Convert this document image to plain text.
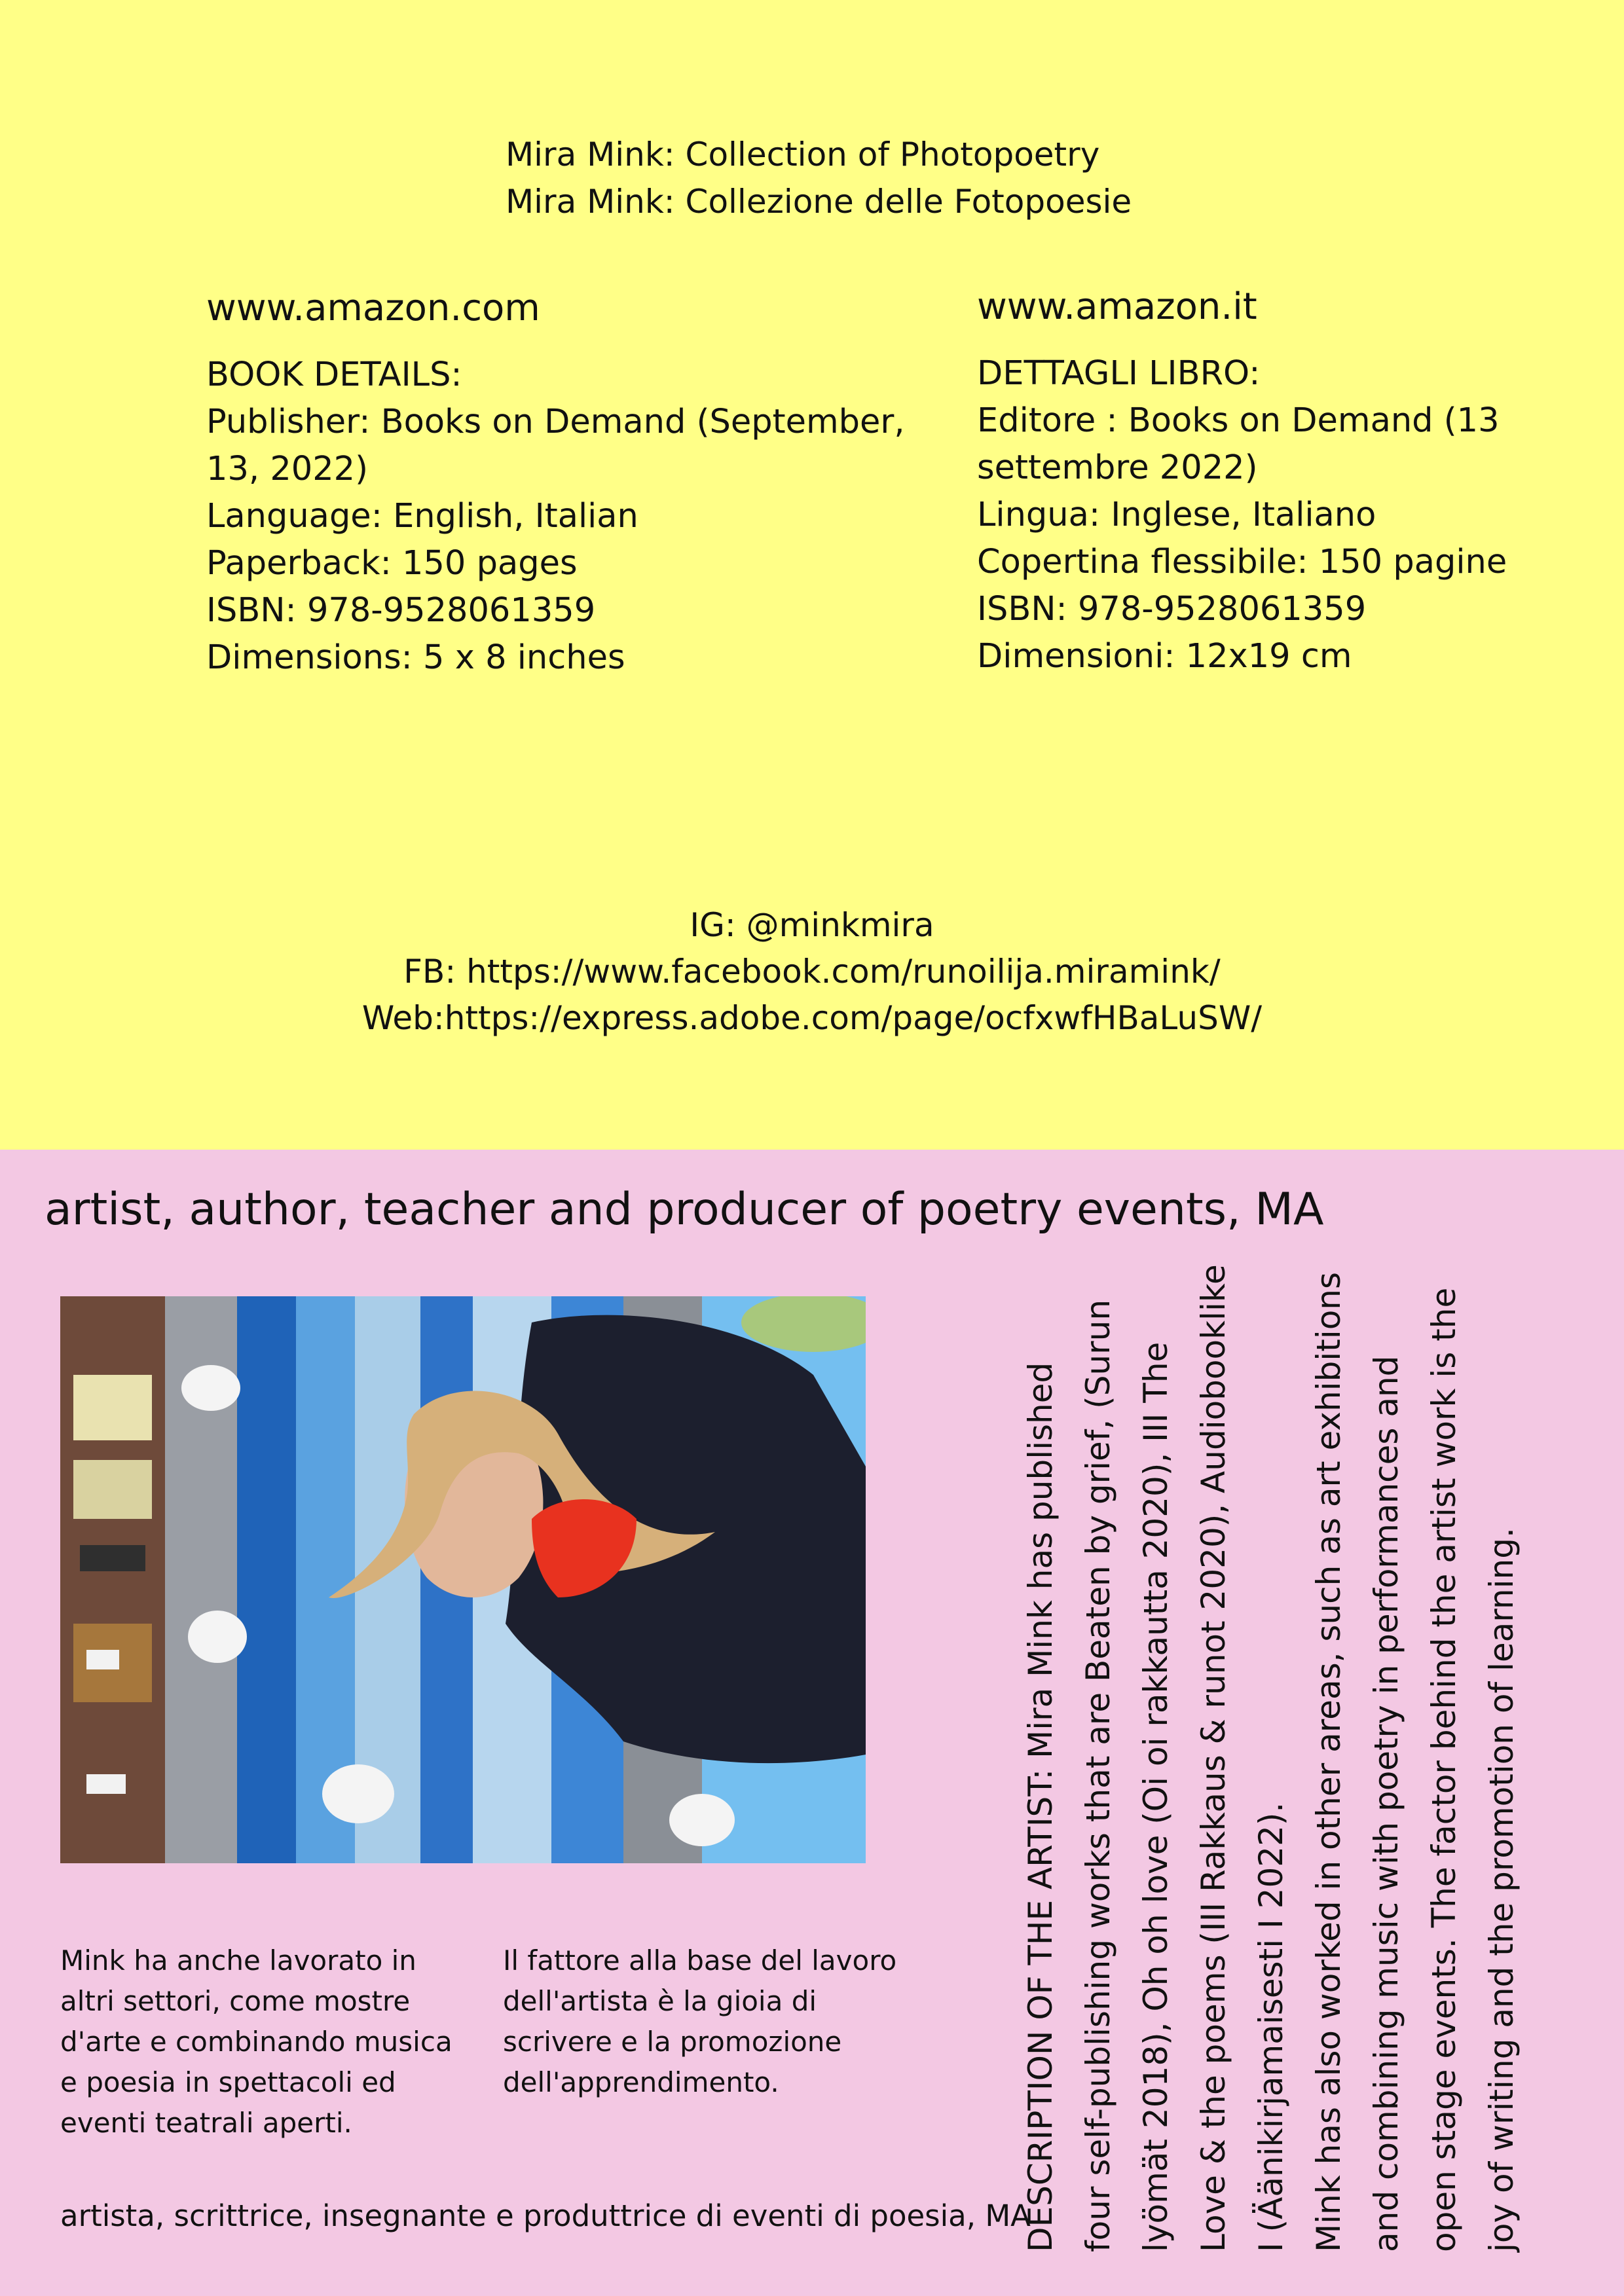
Mira Mink: Collection of Photopoetry
Mira Mink: Collezione delle Fotopoesie
www.amazon.com
BOOK DETAILS:
Publisher: Books on Demand (September,
13, 2022)
Language: English, Italian
Paperback: 150 pages
ISBN: 978-9528061359
Dimensions: 5 x 8 inches
www.amazon.it
DETTAGLI LIBRO:
Editore : Books on Demand (13
settembre 2022)
Lingua: Inglese, Italiano
Copertina flessibile: 150 pagine
ISBN: 978-9528061359
Dimensioni: 12x19 cm
IG: @minkmira
FB: https://www.facebook.com/runoilija.miramink/
Web:https://express.adobe.com/page/ocfxwfHBaLuSW/
artist, author, teacher and producer of poetry events, MA
Mink ha anche lavorato in
altri settori, come mostre
d'arte e combinando musica
e poesia in spettacoli ed
eventi teatrali aperti.
Il fattore alla base del lavoro
dell'artista è la gioia di
scrivere e la promozione
dell'apprendimento.
artista, scrittrice, insegnante e produttrice di eventi di poesia, MA
DESCRIPTION OF THE ARTIST: Mira Mink has published four self-publishing works that are Beaten by grief, (Surun lyömät 2018), Oh oh love (Oi oi rakkautta 2020), III The Love & the poems (III Rakkaus & runot 2020), Audiobooklike I (Äänikirjamaisesti I 2022). Mink has also worked in other areas, such as art exhibitions and combining music with poetry in performances and open stage events. The factor behind the artist work is the joy of writing and the promotion of learning.
